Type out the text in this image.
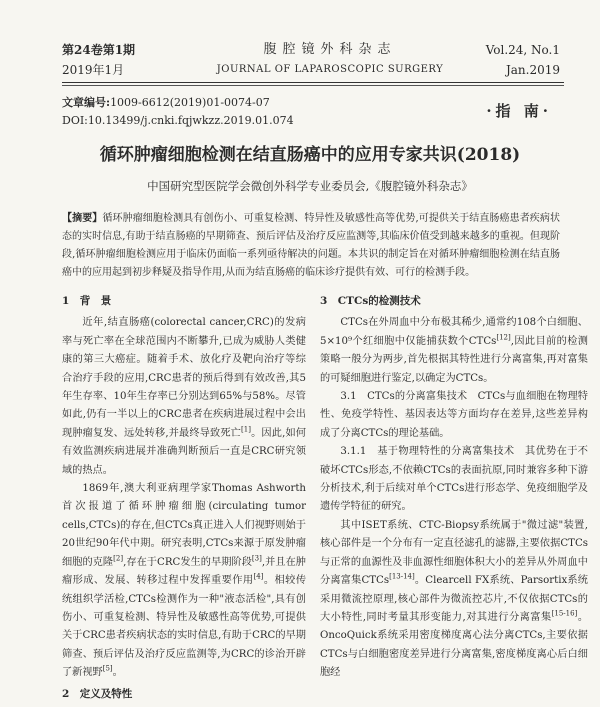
第24卷第1期
2019年1月
腹腔镜外科杂志
JOURNAL OF LAPAROSCOPIC SURGERY
Vol.24, No.1
Jan.2019
文章编号:1009-6612(2019)01-0074-07
DOI:10.13499/j.cnki.fqjwkzz.2019.01.074
·指 南·
循环肿瘤细胞检测在结直肠癌中的应用专家共识(2018)
中国研究型医院学会微创外科学专业委员会,《腹腔镜外科杂志》
【摘要】循环肿瘤细胞检测具有创伤小、可重复检测、特异性及敏感性高等优势,可提供关于结直肠癌患者疾病状态的实时信息,有助于结直肠癌的早期筛查、预后评估及治疗反应监测等,其临床价值受到越来越多的重视。但现阶段,循环肿瘤细胞检测应用于临床仍面临一系列亟待解决的问题。本共识的制定旨在对循环肿瘤细胞检测在结直肠癌中的应用起到初步释疑及指导作用,从而为结直肠癌的临床诊疗提供有效、可行的检测手段。
1　背　景

近年,结直肠癌(colorectal cancer,CRC)的发病率与死亡率在全球范围内不断攀升,已成为威胁人类健康的第三大癌症。随着手术、放化疗及靶向治疗等综合治疗手段的应用,CRC患者的预后得到有效改善,其5年生存率、10年生存率已分别达到65%与58%。尽管如此,仍有一半以上的CRC患者在疾病进展过程中会出现肿瘤复发、远处转移,并最终导致死亡[1]。因此,如何有效监测疾病进展并准确判断预后一直是CRC研究领域的热点。

1869年,澳大利亚病理学家Thomas Ashworth首次报道了循环肿瘤细胞(circulating tumor cells,CTCs)的存在,但CTCs真正进入人们视野则始于20世纪90年代中期。研究表明,CTCs来源于原发肿瘤细胞的克隆[2],存在于CRC发生的早期阶段[3],并且在肿瘤形成、发展、转移过程中发挥重要作用[4]。相较传统组织学活检,CTCs检测作为一种"液态活检",具有创伤小、可重复检测、特异性及敏感性高等优势,可提供关于CRC患者疾病状态的实时信息,有助于CRC的早期筛查、预后评估及治疗反应监测等,为CRC的诊治开辟了新视野[5]。

2　定义及特性
3　CTCs的检测技术

CTCs在外周血中分布极其稀少,通常约108个白细胞、5×10⁹个红细胞中仅能捕获数个CTCs[12],因此目前的检测策略一般分为两步,首先根据其特性进行分离富集,再对富集的可疑细胞进行鉴定,以确定为CTCs。

3.1　CTCs的分离富集技术　CTCs与血细胞在物理特性、免疫学特性、基因表达等方面均存在差异,这些差异构成了分离CTCs的理论基础。

3.1.1　基于物理特性的分离富集技术　其优势在于不破坏CTCs形态,不依赖CTCs的表面抗原,同时兼容多种下游分析技术,利于后续对单个CTCs进行形态学、免疫细胞学及遗传学特征的研究。

其中ISET系统、CTC-Biopsy系统属于"微过滤"装置,核心部件是一个分布有一定直径滤孔的滤器,主要依据CTCs与正常的血源性及非血源性细胞体积大小的差异从外周血中分离富集CTCs[13-14]。Clearcell FX系统、Parsortix系统采用微流控原理,核心部件为微流控芯片,不仅依据CTCs的大小特性,同时考量其形变能力,对其进行分离富集[15-16]。OncoQuick系统采用密度梯度离心法分离CTCs,主要依据CTCs与白细胞密度差异进行分离富集,密度梯度离心后白细胞经
